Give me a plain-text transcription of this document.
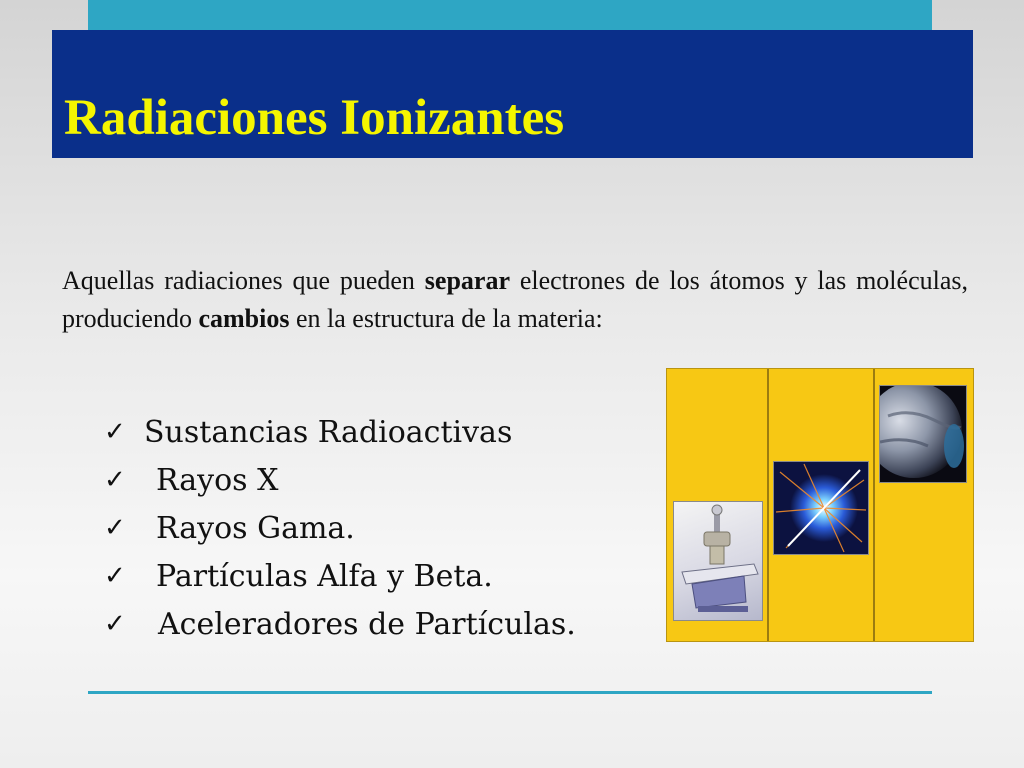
Radiaciones Ionizantes

Aquellas radiaciones que pueden separar electrones de los átomos y las moléculas, produciendo cambios en la estructura de la materia:

✓ Sustancias Radioactivas
✓	Rayos X
✓	Rayos Gama.
✓	Partículas Alfa y Beta.
✓	Aceleradores de Partículas.
